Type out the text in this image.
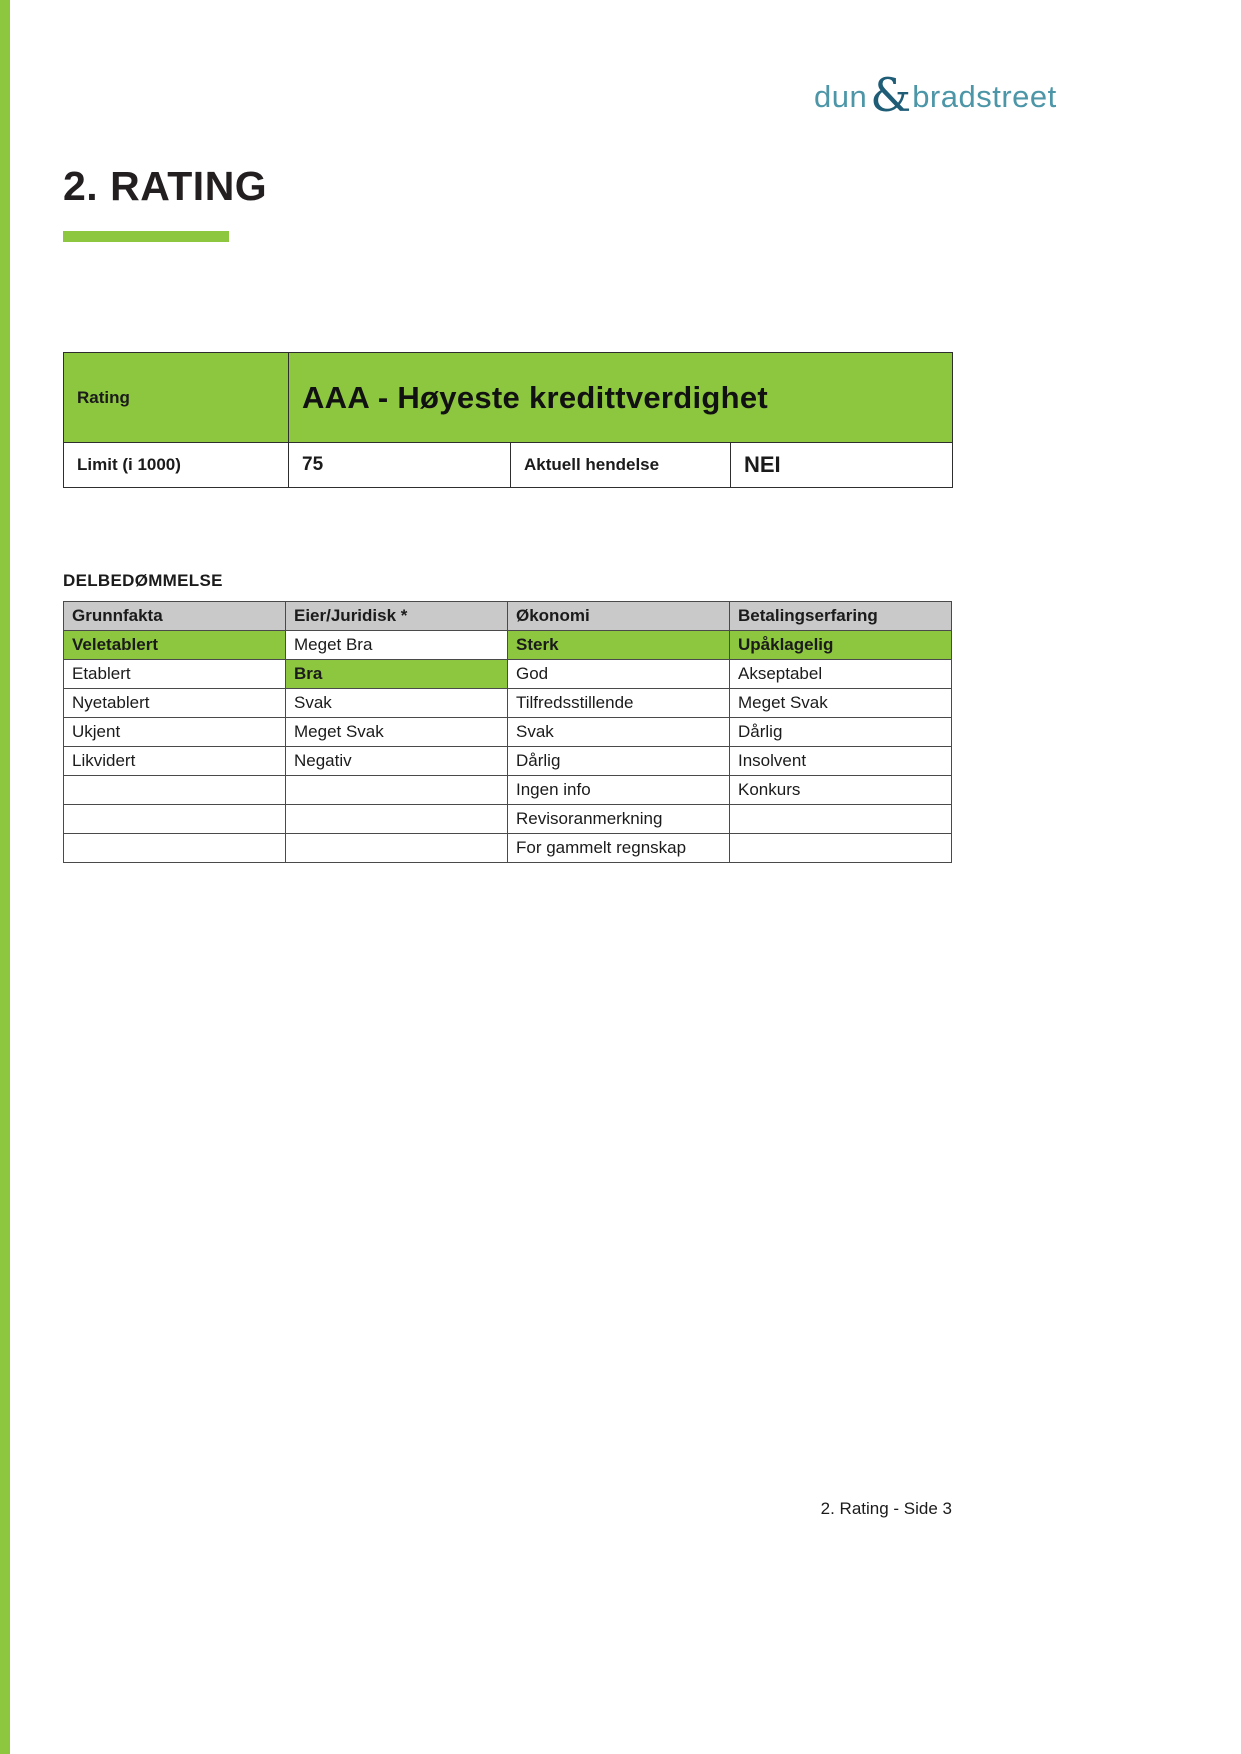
dun & bradstreet
2. RATING
Rating	AAA - Høyeste kredittverdighet		
Limit (i 1000)	75	Aktuell hendelse	NEI
DELBEDØMMELSE
Grunnfakta	Eier/Juridisk *	Økonomi	Betalingserfaring
Veletablert	Meget Bra	Sterk	Upåklagelig
Etablert	Bra	God	Akseptabel
Nyetablert	Svak	Tilfredsstillende	Meget Svak
Ukjent	Meget Svak	Svak	Dårlig
Likvidert	Negativ	Dårlig	Insolvent
		Ingen info	Konkurs
		Revisoranmerkning	
		For gammelt regnskap	
2. Rating - Side 3
